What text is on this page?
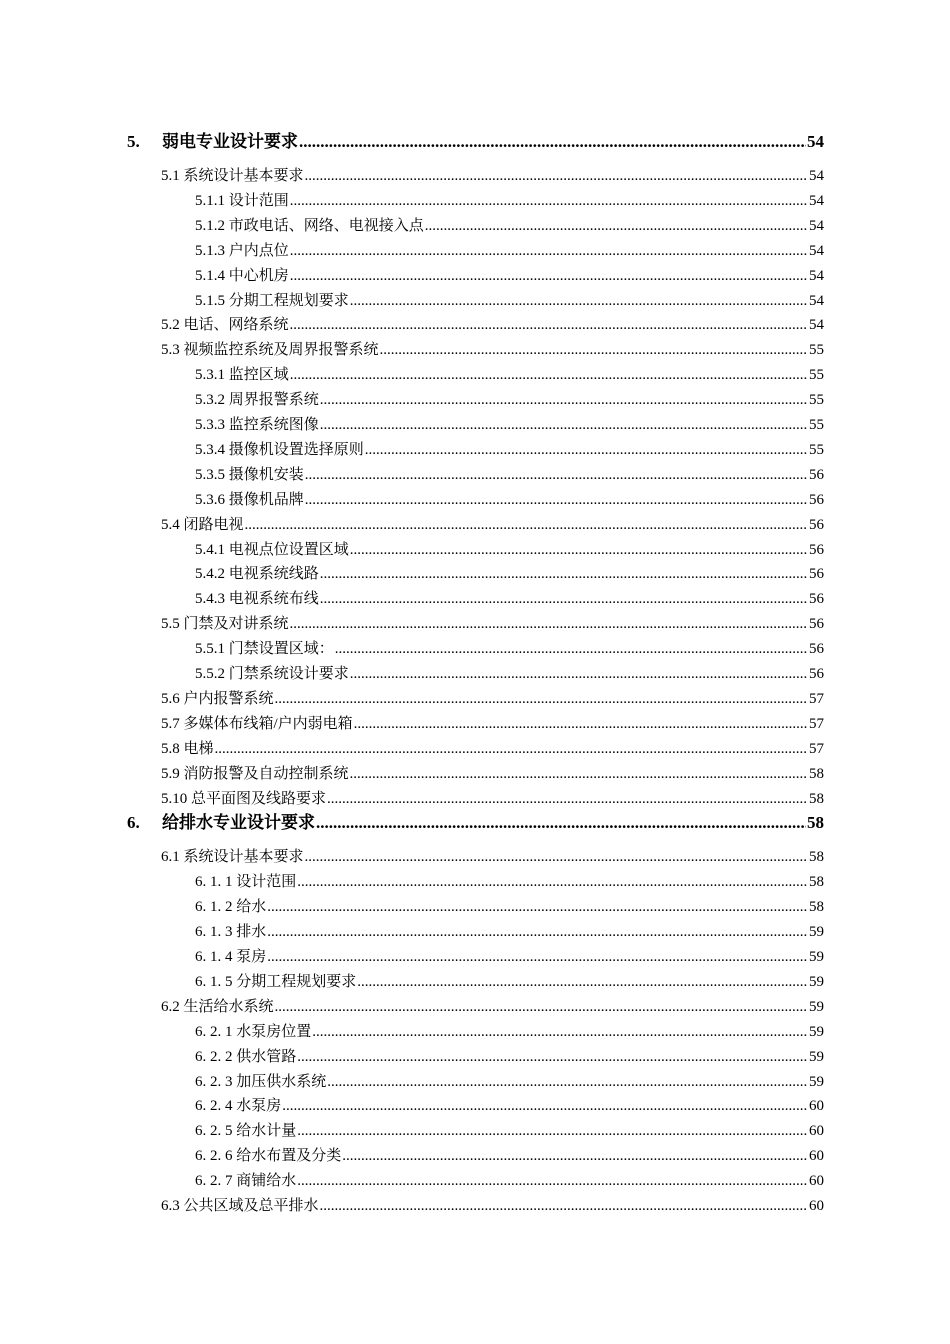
5. 弱电专业设计要求 .....	54
5.1 系统设计基本要求 .....	54
5.1.1 设计范围 .....	54
5.1.2 市政电话、网络、电视接入点 .....	54
5.1.3 户内点位 .....	54
5.1.4 中心机房 .....	54
5.1.5 分期工程规划要求 .....	54
5.2 电话、网络系统 .....	54
5.3 视频监控系统及周界报警系统 .....	55
5.3.1 监控区域 .....	55
5.3.2 周界报警系统 .....	55
5.3.3 监控系统图像 .....	55
5.3.4 摄像机设置选择原则 .....	55
5.3.5 摄像机安装 .....	56
5.3.6 摄像机品牌 .....	56
5.4 闭路电视 .....	56
5.4.1 电视点位设置区域 .....	56
5.4.2 电视系统线路 .....	56
5.4.3 电视系统布线 .....	56
5.5 门禁及对讲系统 .....	56
5.5.1 门禁设置区域： .....	56
5.5.2 门禁系统设计要求 .....	56
5.6 户内报警系统 .....	57
5.7 多媒体布线箱/户内弱电箱 .....	57
5.8 电梯 .....	57
5.9 消防报警及自动控制系统 .....	58
5.10 总平面图及线路要求 .....	58
6. 给排水专业设计要求 .....	58
6.1 系统设计基本要求 .....	58
6. 1. 1 设计范围 .....	58
6. 1. 2 给水 .....	58
6. 1. 3 排水 .....	59
6. 1. 4 泵房 .....	59
6. 1. 5 分期工程规划要求 .....	59
6.2 生活给水系统 .....	59
6. 2. 1 水泵房位置 .....	59
6. 2. 2 供水管路 .....	59
6. 2. 3 加压供水系统 .....	59
6. 2. 4 水泵房 .....	60
6. 2. 5 给水计量 .....	60
6. 2. 6 给水布置及分类 .....	60
6. 2. 7 商铺给水 .....	60
6.3 公共区域及总平排水 .....	60
